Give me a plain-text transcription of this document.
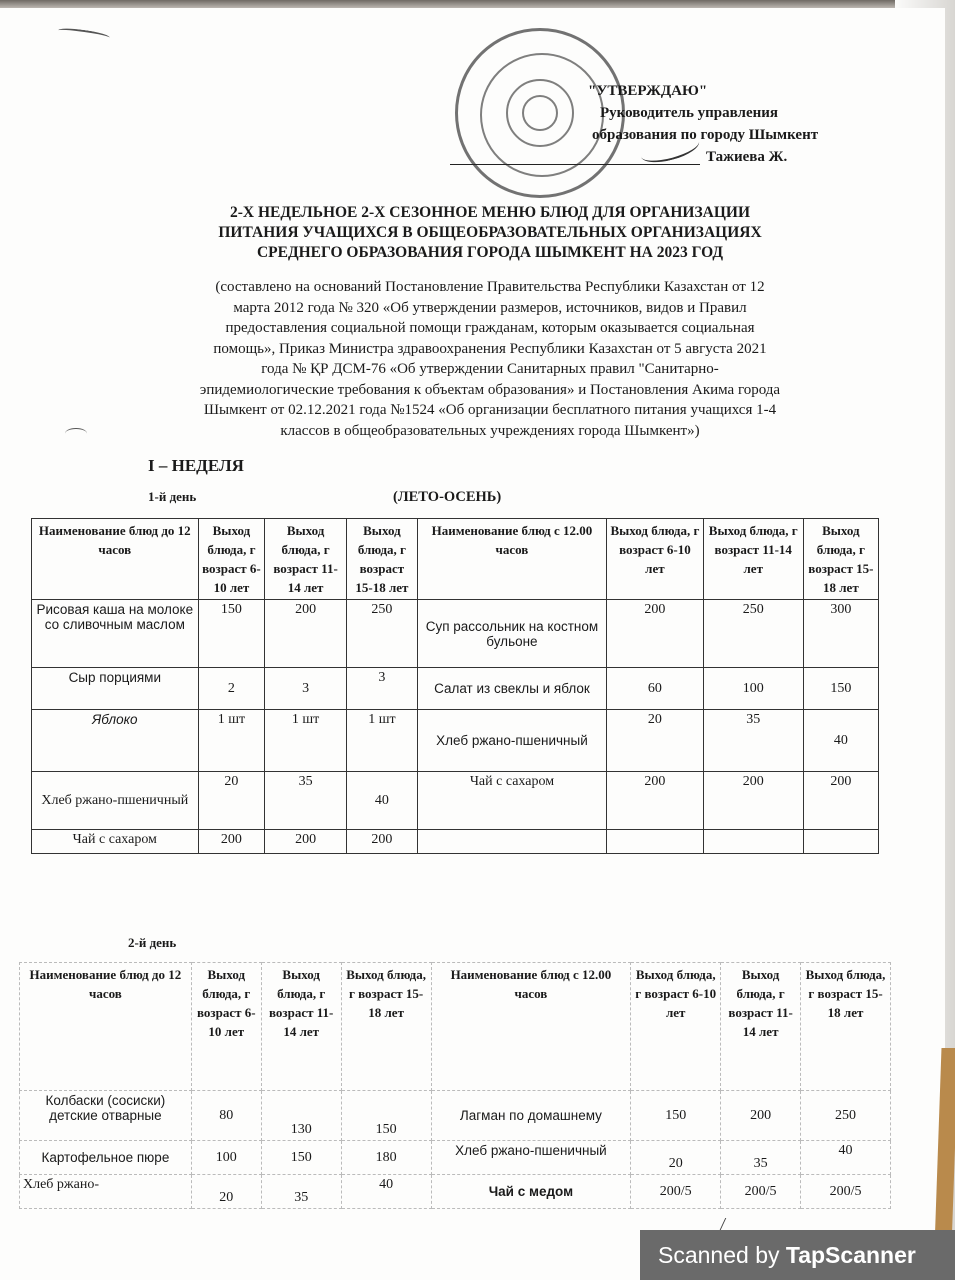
"УТВЕРЖДАЮ"
Руководитель управления
образования по городу Шымкент
Тажиева Ж.
2-Х НЕДЕЛЬНОЕ 2-Х СЕЗОННОЕ МЕНЮ БЛЮД ДЛЯ ОРГАНИЗАЦИИ
ПИТАНИЯ УЧАЩИХСЯ В ОБЩЕОБРАЗОВАТЕЛЬНЫХ ОРГАНИЗАЦИЯХ
СРЕДНЕГО ОБРАЗОВАНИЯ ГОРОДА ШЫМКЕНТ НА 2023 ГОД
(составлено на оснований Постановление Правительства Республики Казахстан от 12
марта 2012 года № 320 «Об утверждении размеров, источников, видов и Правил
предоставления социальной помощи гражданам, которым оказывается социальная
помощь», Приказ Министра здравоохранения Республики Казахстан от 5 августа 2021
года № ҚР ДСМ-76 «Об утверждении Санитарных правил "Санитарно-
эпидемиологические требования к объектам образования» и Постановления Акима города
Шымкент от 02.12.2021 года №1524 «Об организации бесплатного питания учащихся 1-4
классов в общеобразовательных учреждениях города Шымкент»)
I – НЕДЕЛЯ
1-й день	(ЛЕТО-ОСЕНЬ)
Наименование блюд до 12 часов	Выход блюда, г возраст 6-10 лет	Выход блюда, г возраст 11-14 лет	Выход блюда, г возраст 15-18 лет	Наименование блюд с 12.00 часов	Выход блюда, г возраст 6-10 лет	Выход блюда, г возраст 11-14 лет	Выход блюда, г возраст 15-18 лет
Рисовая каша на молоке со сливочным маслом	150	200	250	Суп рассольник на костном бульоне	200	250	300
Сыр порциями	2	3	3	Салат из свеклы и яблок	60	100	150
Яблоко	1 шт	1 шт	1 шт	Хлеб ржано-пшеничный	20	35	40
Хлеб ржано-пшеничный	20	35	40	Чай с сахаром	200	200	200
Чай с сахаром	200	200	200				
2-й день
Наименование блюд до 12 часов	Выход блюда, г возраст 6-10 лет	Выход блюда, г возраст 11-14 лет	Выход блюда, г возраст 15-18 лет	Наименование блюд с 12.00 часов	Выход блюда, г возраст 6-10 лет	Выход блюда, г возраст 11-14 лет	Выход блюда, г возраст 15-18 лет
Колбаски (сосиски) детские отварные	80	130	150	Лагман по домашнему	150	200	250
Картофельное пюре	100	150	180	Хлеб ржано-пшеничный	20	35	40
Хлеб ржано-	20	35	40	Чай с медом	200/5	200/5	200/5
Scanned by TapScanner
